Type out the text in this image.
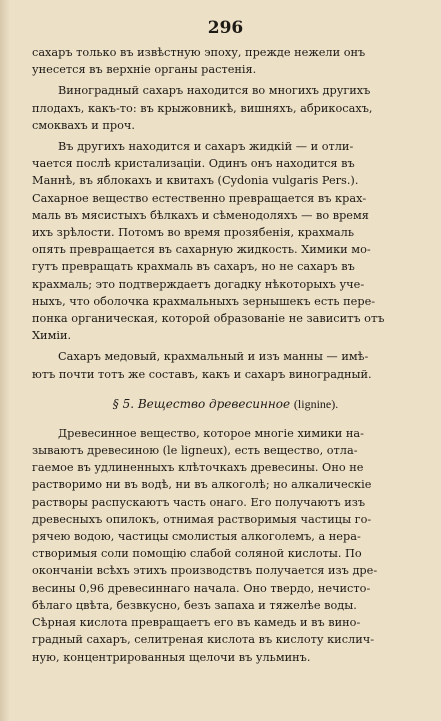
296

сахаръ только въ извѣстную эпоху, прежде нежели онъ
унесется въ верхніе органы растенія.

Виноградный сахаръ находится во многихъ другихъ
плодахъ, какъ-то: въ крыжовникѣ, вишняхъ, абрикосахъ,
смоквахъ и проч.

Въ другихъ находится и сахаръ жидкій — и отли-
чается послѣ кристализаціи. Одинъ онъ находится въ
Маннѣ, въ яблокахъ и квитахъ (Cydonia vulgaris Pers.).
Сахарное вещество естественно превращается въ крах-
маль въ мясистыхъ бѣлкахъ и сѣменодоляхъ — во время
ихъ зрѣлости. Потомъ во время прозябенія, крахмаль
опять превращается въ сахарную жидкость. Химики мо-
гутъ превращать крахмаль въ сахаръ, но не сахаръ въ
крахмаль; это подтверждаетъ догадку нѣкоторыхъ уче-
ныхъ, что оболочка крахмальныхъ зернышекъ есть пере-
понка органическая, которой образованіе не зависитъ отъ
Химіи.

Сахаръ медовый, крахмальный и изъ манны — имѣ-
ютъ почти тотъ же составъ, какъ и сахаръ виноградный.

§ 5. Вещество древесинное (lignine).

Древесинное вещество, которое многіе химики на-
зываютъ древесиною (le ligneux), есть вещество, отла-
гаемое въ удлиненныхъ клѣточкахъ древесины. Оно не
растворимо ни въ водѣ, ни въ алкоголѣ; но алкалическіе
растворы распускаютъ часть онаго. Его получаютъ изъ
древесныхъ опилокъ, отнимая растворимыя частицы го-
рячею водою, частицы смолистыя алкоголемъ, а нера-
створимыя соли помощію слабой соляной кислоты. По
окончаніи всѣхъ этихъ производствъ получается изъ дре-
весины 0,96 древесиннаго начала. Оно твердо, нечисто-
бѣлаго цвѣта, безвкусно, безъ запаха и тяжелѣе воды.
Сѣрная кислота превращаетъ его въ камедь и въ вино-
градный сахаръ, селитреная кислота въ кислоту кислич-
ную, концентрированныя щелочи въ ульминъ.
